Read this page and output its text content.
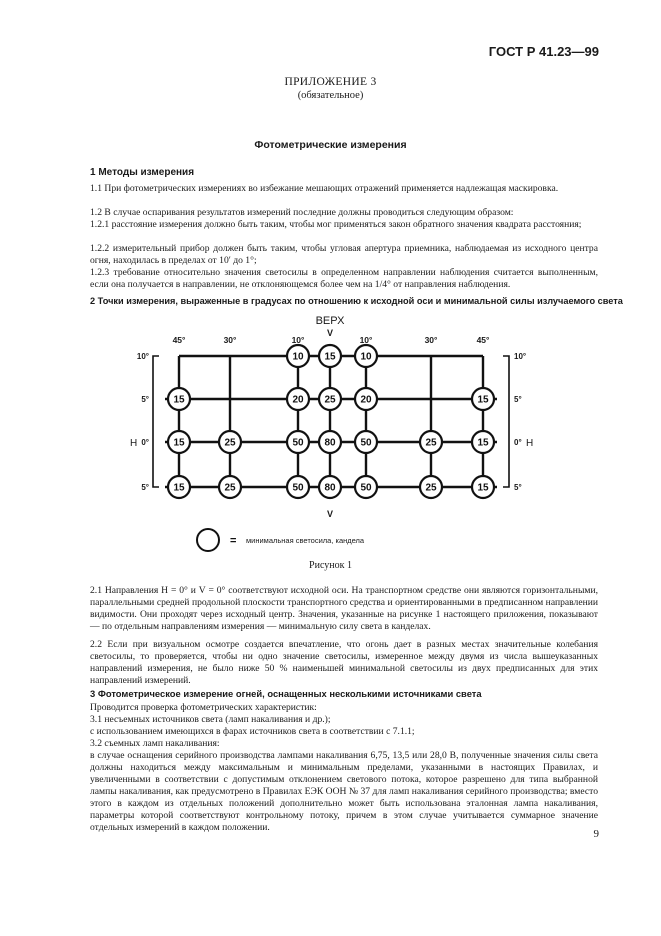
ГОСТ Р 41.23—99
ПРИЛОЖЕНИЕ 3
(обязательное)
Фотометрические измерения
1 Методы измерения
1.1 При фотометрических измерениях во избежание мешающих отражений применяется надлежащая маскировка.
1.2 В случае оспаривания результатов измерений последние должны проводиться следующим образом:
1.2.1 расстояние измерения должно быть таким, чтобы мог применяться закон обратного значения квадрата расстояния;
1.2.2 измерительный прибор должен быть таким, чтобы угловая апертура приемника, наблюдаемая из исходного центра огня, находилась в пределах от 10′ до 1°;
1.2.3 требование относительно значения светосилы в определенном направлении наблюдения считается выполненным, если она получается в направлении, не отклоняющемся более чем на 1/4° от направления наблюдения.
2 Точки измерения, выраженные в градусах по отношению к исходной оси и минимальной силы излучаемого света
ВЕРХ
V
45°	30°	10°	10°	30°	45°
10°	10°
5°	5°
0°	0°
5°	5°
H	H
V
10 15 10
15	20 25 20	15
15	25	50 80 50	25	15
15	25	50 80 50	25	15
= минимальная светосила, кандела
Рисунок 1
2.1 Направления H = 0° и V = 0° соответствуют исходной оси. На транспортном средстве они являются горизонтальными, параллельными средней продольной плоскости транспортного средства и ориентированными в предписанном направлении видимости. Они проходят через исходный центр. Значения, указанные на рисунке 1 настоящего приложения, показывают — по отдельным направлениям измерения — минимальную силу света в канделах.
2.2 Если при визуальном осмотре создается впечатление, что огонь дает в разных местах значительные колебания светосилы, то проверяется, чтобы ни одно значение светосилы, измеренное между двумя из числа вышеуказанных направлений измерения, не было ниже 50 % наименьшей минимальной светосилы из двух предписанных для этих направлений измерений.
3 Фотометрическое измерение огней, оснащенных несколькими источниками света
Проводится проверка фотометрических характеристик:
3.1 несъемных источников света (ламп накаливания и др.);
с использованием имеющихся в фарах источников света в соответствии с 7.1.1;
3.2 съемных ламп накаливания:
в случае оснащения серийного производства лампами накаливания 6,75, 13,5 или 28,0 В, полученные значения силы света должны находиться между максимальным и минимальным пределами, указанными в настоящих Правилах, и увеличенными в соответствии с допустимым отклонением светового потока, которое разрешено для типа выбранной лампы накаливания, как предусмотрено в Правилах ЕЭК ООН № 37 для ламп накаливания серийного производства; вместо этого в каждом из отдельных положений дополнительно может быть использована эталонная лампа накаливания, параметры которой соответствуют контрольному потоку, причем в этом случае учитывается суммарное значение отдельных измерений в каждом положении.
9
